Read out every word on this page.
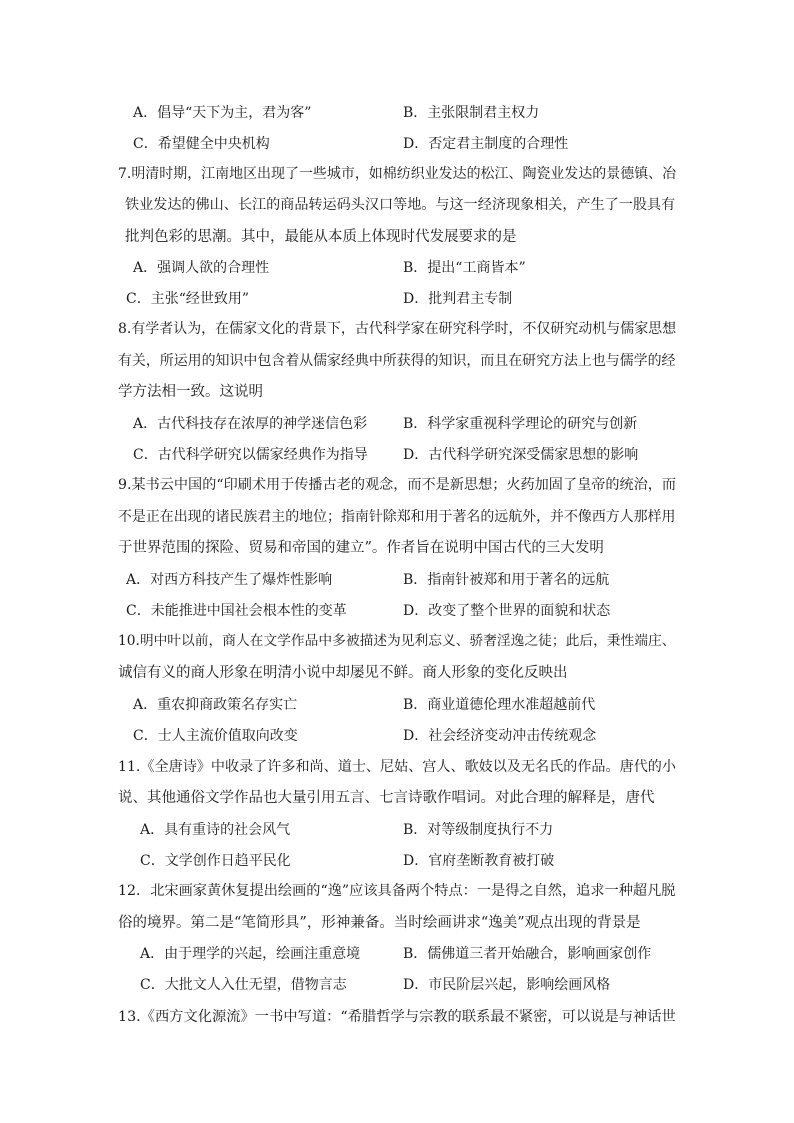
A．倡导“天下为主，君为客”	B．主张限制君主权力
C．希望健全中央机构	D．否定君主制度的合理性
7.明清时期，江南地区出现了一些城市，如棉纺织业发达的松江、陶瓷业发达的景德镇、冶
铁业发达的佛山、长江的商品转运码头汉口等地。与这一经济现象相关，产生了一股具有
批判色彩的思潮。其中，最能从本质上体现时代发展要求的是
A．强调人欲的合理性	B．提出“工商皆本”
C．主张“经世致用”	D．批判君主专制
8.有学者认为，在儒家文化的背景下，古代科学家在研究科学时，不仅研究动机与儒家思想
有关，所运用的知识中包含着从儒家经典中所获得的知识，而且在研究方法上也与儒学的经
学方法相一致。这说明
A．古代科技存在浓厚的神学迷信色彩	B．科学家重视科学理论的研究与创新
C．古代科学研究以儒家经典作为指导	D．古代科学研究深受儒家思想的影响
9.某书云中国的“印刷术用于传播古老的观念，而不是新思想；火药加固了皇帝的统治，而
不是正在出现的诸民族君主的地位；指南针除郑和用于著名的远航外，并不像西方人那样用
于世界范围的探险、贸易和帝国的建立”。作者旨在说明中国古代的三大发明
A．对西方科技产生了爆炸性影响	B．指南针被郑和用于著名的远航
C．未能推进中国社会根本性的变革	D．改变了整个世界的面貌和状态
10.明中叶以前，商人在文学作品中多被描述为见利忘义、骄奢淫逸之徒；此后，秉性端庄、
诚信有义的商人形象在明清小说中却屡见不鲜。商人形象的变化反映出
A．重农抑商政策名存实亡	B．商业道德伦理水准超越前代
C．士人主流价值取向改变	D．社会经济变动冲击传统观念
11.《全唐诗》中收录了许多和尚、道士、尼姑、宫人、歌妓以及无名氏的作品。唐代的小
说、其他通俗文学作品也大量引用五言、七言诗歌作唱词。对此合理的解释是，唐代
A．具有重诗的社会风气	B．对等级制度执行不力
C．文学创作日趋平民化	D．官府垄断教育被打破
12．北宋画家黄休复提出绘画的“逸”应该具备两个特点：一是得之自然，追求一种超凡脱
俗的境界。第二是“笔简形具”，形神兼备。当时绘画讲求“逸美”观点出现的背景是
A．由于理学的兴起，绘画注重意境	B．儒佛道三者开始融合，影响画家创作
C．大批文人入仕无望，借物言志	D．市民阶层兴起，影响绘画风格
13.《西方文化源流》一书中写道：“希腊哲学与宗教的联系最不紧密，可以说是与神话世
